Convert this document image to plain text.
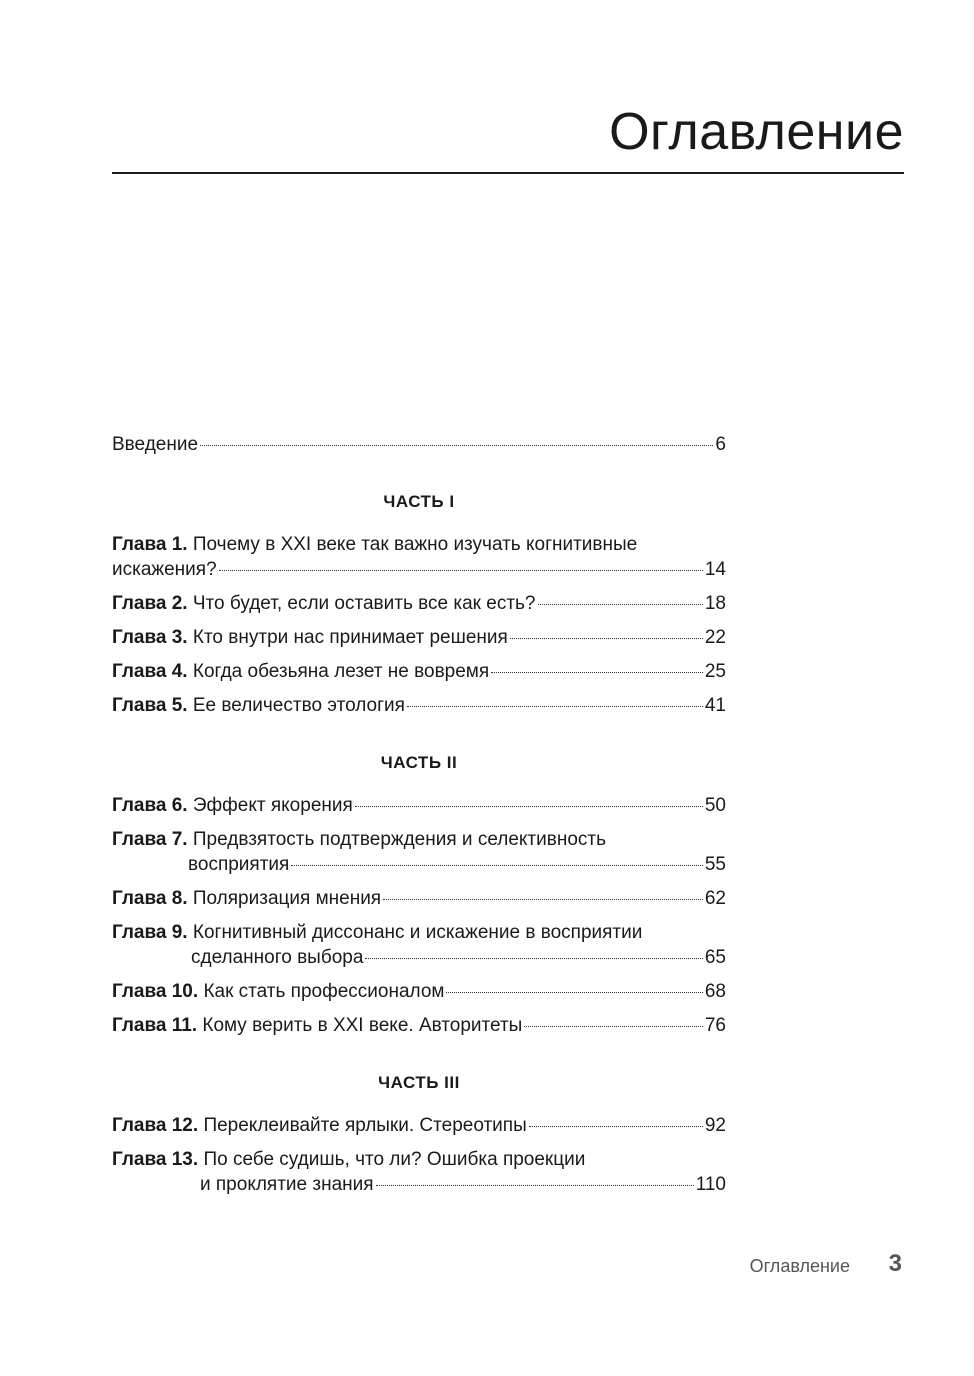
Оглавление
Введение	6
ЧАСТЬ I
Глава 1. Почему в XXI веке так важно изучать когнитивные
искажения?	14
Глава 2. Что будет, если оставить все как есть?	18
Глава 3. Кто внутри нас принимает решения	22
Глава 4. Когда обезьяна лезет не вовремя	25
Глава 5. Ее величество этология	41
ЧАСТЬ II
Глава 6. Эффект якорения	50
Глава 7. Предвзятость подтверждения и селективность
восприятия	55
Глава 8. Поляризация мнения	62
Глава 9. Когнитивный диссонанс и искажение в восприятии
сделанного выбора	65
Глава 10. Как стать профессионалом	68
Глава 11. Кому верить в XXI веке. Авторитеты	76
ЧАСТЬ III
Глава 12. Переклеивайте ярлыки. Стереотипы	92
Глава 13. По себе судишь, что ли? Ошибка проекции
и проклятие знания	110
Оглавление 3
